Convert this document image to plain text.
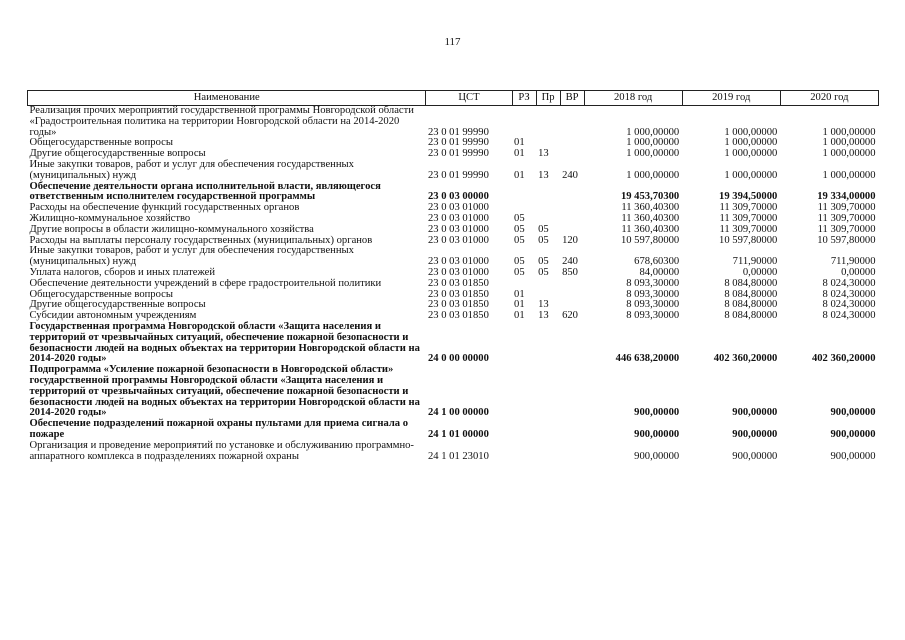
117
Наименование	ЦСТ	РЗ	Пр	ВР	2018 год	2019 год	2020 год
Реализация прочих мероприятий государственной программы Новгородской области «Градостроительная политика на территории Новгородской области на 2014-2020 годы»	23 0 01 99990				1 000,00000	1 000,00000	1 000,00000
Общегосударственные вопросы	23 0 01 99990	01			1 000,00000	1 000,00000	1 000,00000
Другие общегосударственные вопросы	23 0 01 99990	01	13		1 000,00000	1 000,00000	1 000,00000
Иные закупки товаров, работ и услуг для обеспечения государственных (муниципальных) нужд	23 0 01 99990	01	13	240	1 000,00000	1 000,00000	1 000,00000
Обеспечение деятельности органа исполнительной власти, являющегося ответственным исполнителем государственной программы	23 0 03 00000				19 453,70300	19 394,50000	19 334,00000
Расходы на обеспечение функций государственных органов	23 0 03 01000				11 360,40300	11 309,70000	11 309,70000
Жилищно-коммунальное хозяйство	23 0 03 01000	05			11 360,40300	11 309,70000	11 309,70000
Другие вопросы в области жилищно-коммунального хозяйства	23 0 03 01000	05	05		11 360,40300	11 309,70000	11 309,70000
Расходы на выплаты персоналу государственных (муниципальных) органов	23 0 03 01000	05	05	120	10 597,80000	10 597,80000	10 597,80000
Иные закупки товаров, работ и услуг для обеспечения государственных (муниципальных) нужд	23 0 03 01000	05	05	240	678,60300	711,90000	711,90000
Уплата налогов, сборов и иных платежей	23 0 03 01000	05	05	850	84,00000	0,00000	0,00000
Обеспечение деятельности учреждений в сфере градостроительной политики	23 0 03 01850				8 093,30000	8 084,80000	8 024,30000
Общегосударственные вопросы	23 0 03 01850	01			8 093,30000	8 084,80000	8 024,30000
Другие общегосударственные вопросы	23 0 03 01850	01	13		8 093,30000	8 084,80000	8 024,30000
Субсидии автономным учреждениям	23 0 03 01850	01	13	620	8 093,30000	8 084,80000	8 024,30000
Государственная программа Новгородской области «Защита населения и территорий от чрезвычайных ситуаций, обеспечение пожарной безопасности и безопасности людей на водных объектах на территории Новгородской области на 2014-2020 годы»	24 0 00 00000				446 638,20000	402 360,20000	402 360,20000
Подпрограмма «Усиление пожарной безопасности в Новгородской области» государственной программы Новгородской области «Защита населения и территорий от чрезвычайных ситуаций, обеспечение пожарной безопасности и безопасности людей на водных объектах на территории Новгородской области на 2014-2020 годы»	24 1 00 00000				900,00000	900,00000	900,00000
Обеспечение подразделений пожарной охраны пультами для приема сигнала о пожаре	24 1 01 00000				900,00000	900,00000	900,00000
Организация и проведение мероприятий по установке и обслуживанию программно-аппаратного комплекса в подразделениях пожарной охраны	24 1 01 23010				900,00000	900,00000	900,00000
